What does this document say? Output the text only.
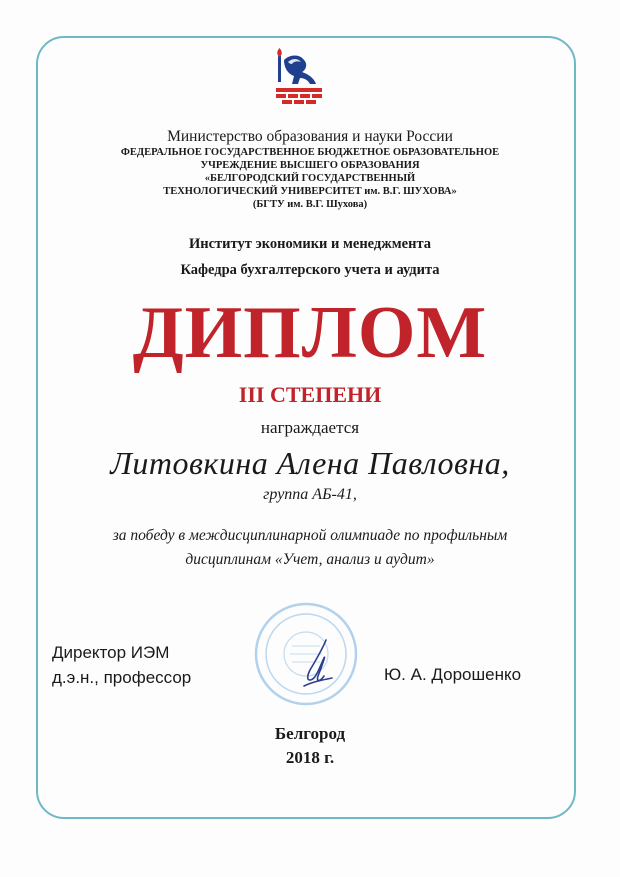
Министерство образования и науки России
ФЕДЕРАЛЬНОЕ ГОСУДАРСТВЕННОЕ БЮДЖЕТНОЕ ОБРАЗОВАТЕЛЬНОЕ
УЧРЕЖДЕНИЕ ВЫСШЕГО ОБРАЗОВАНИЯ
«БЕЛГОРОДСКИЙ ГОСУДАРСТВЕННЫЙ
ТЕХНОЛОГИЧЕСКИЙ УНИВЕРСИТЕТ им. В.Г. ШУХОВА»
(БГТУ им. В.Г. Шухова)
Институт экономики и менеджмента
Кафедра бухгалтерского учета и аудита
ДИПЛОМ
III СТЕПЕНИ
награждается
Литовкина Алена Павловна,
группа АБ-41,
за победу в междисциплинарной олимпиаде по профильным
дисциплинам «Учет, анализ и аудит»
Директор ИЭМ
д.э.н., профессор	Ю. А. Дорошенко
Белгород
2018 г.
